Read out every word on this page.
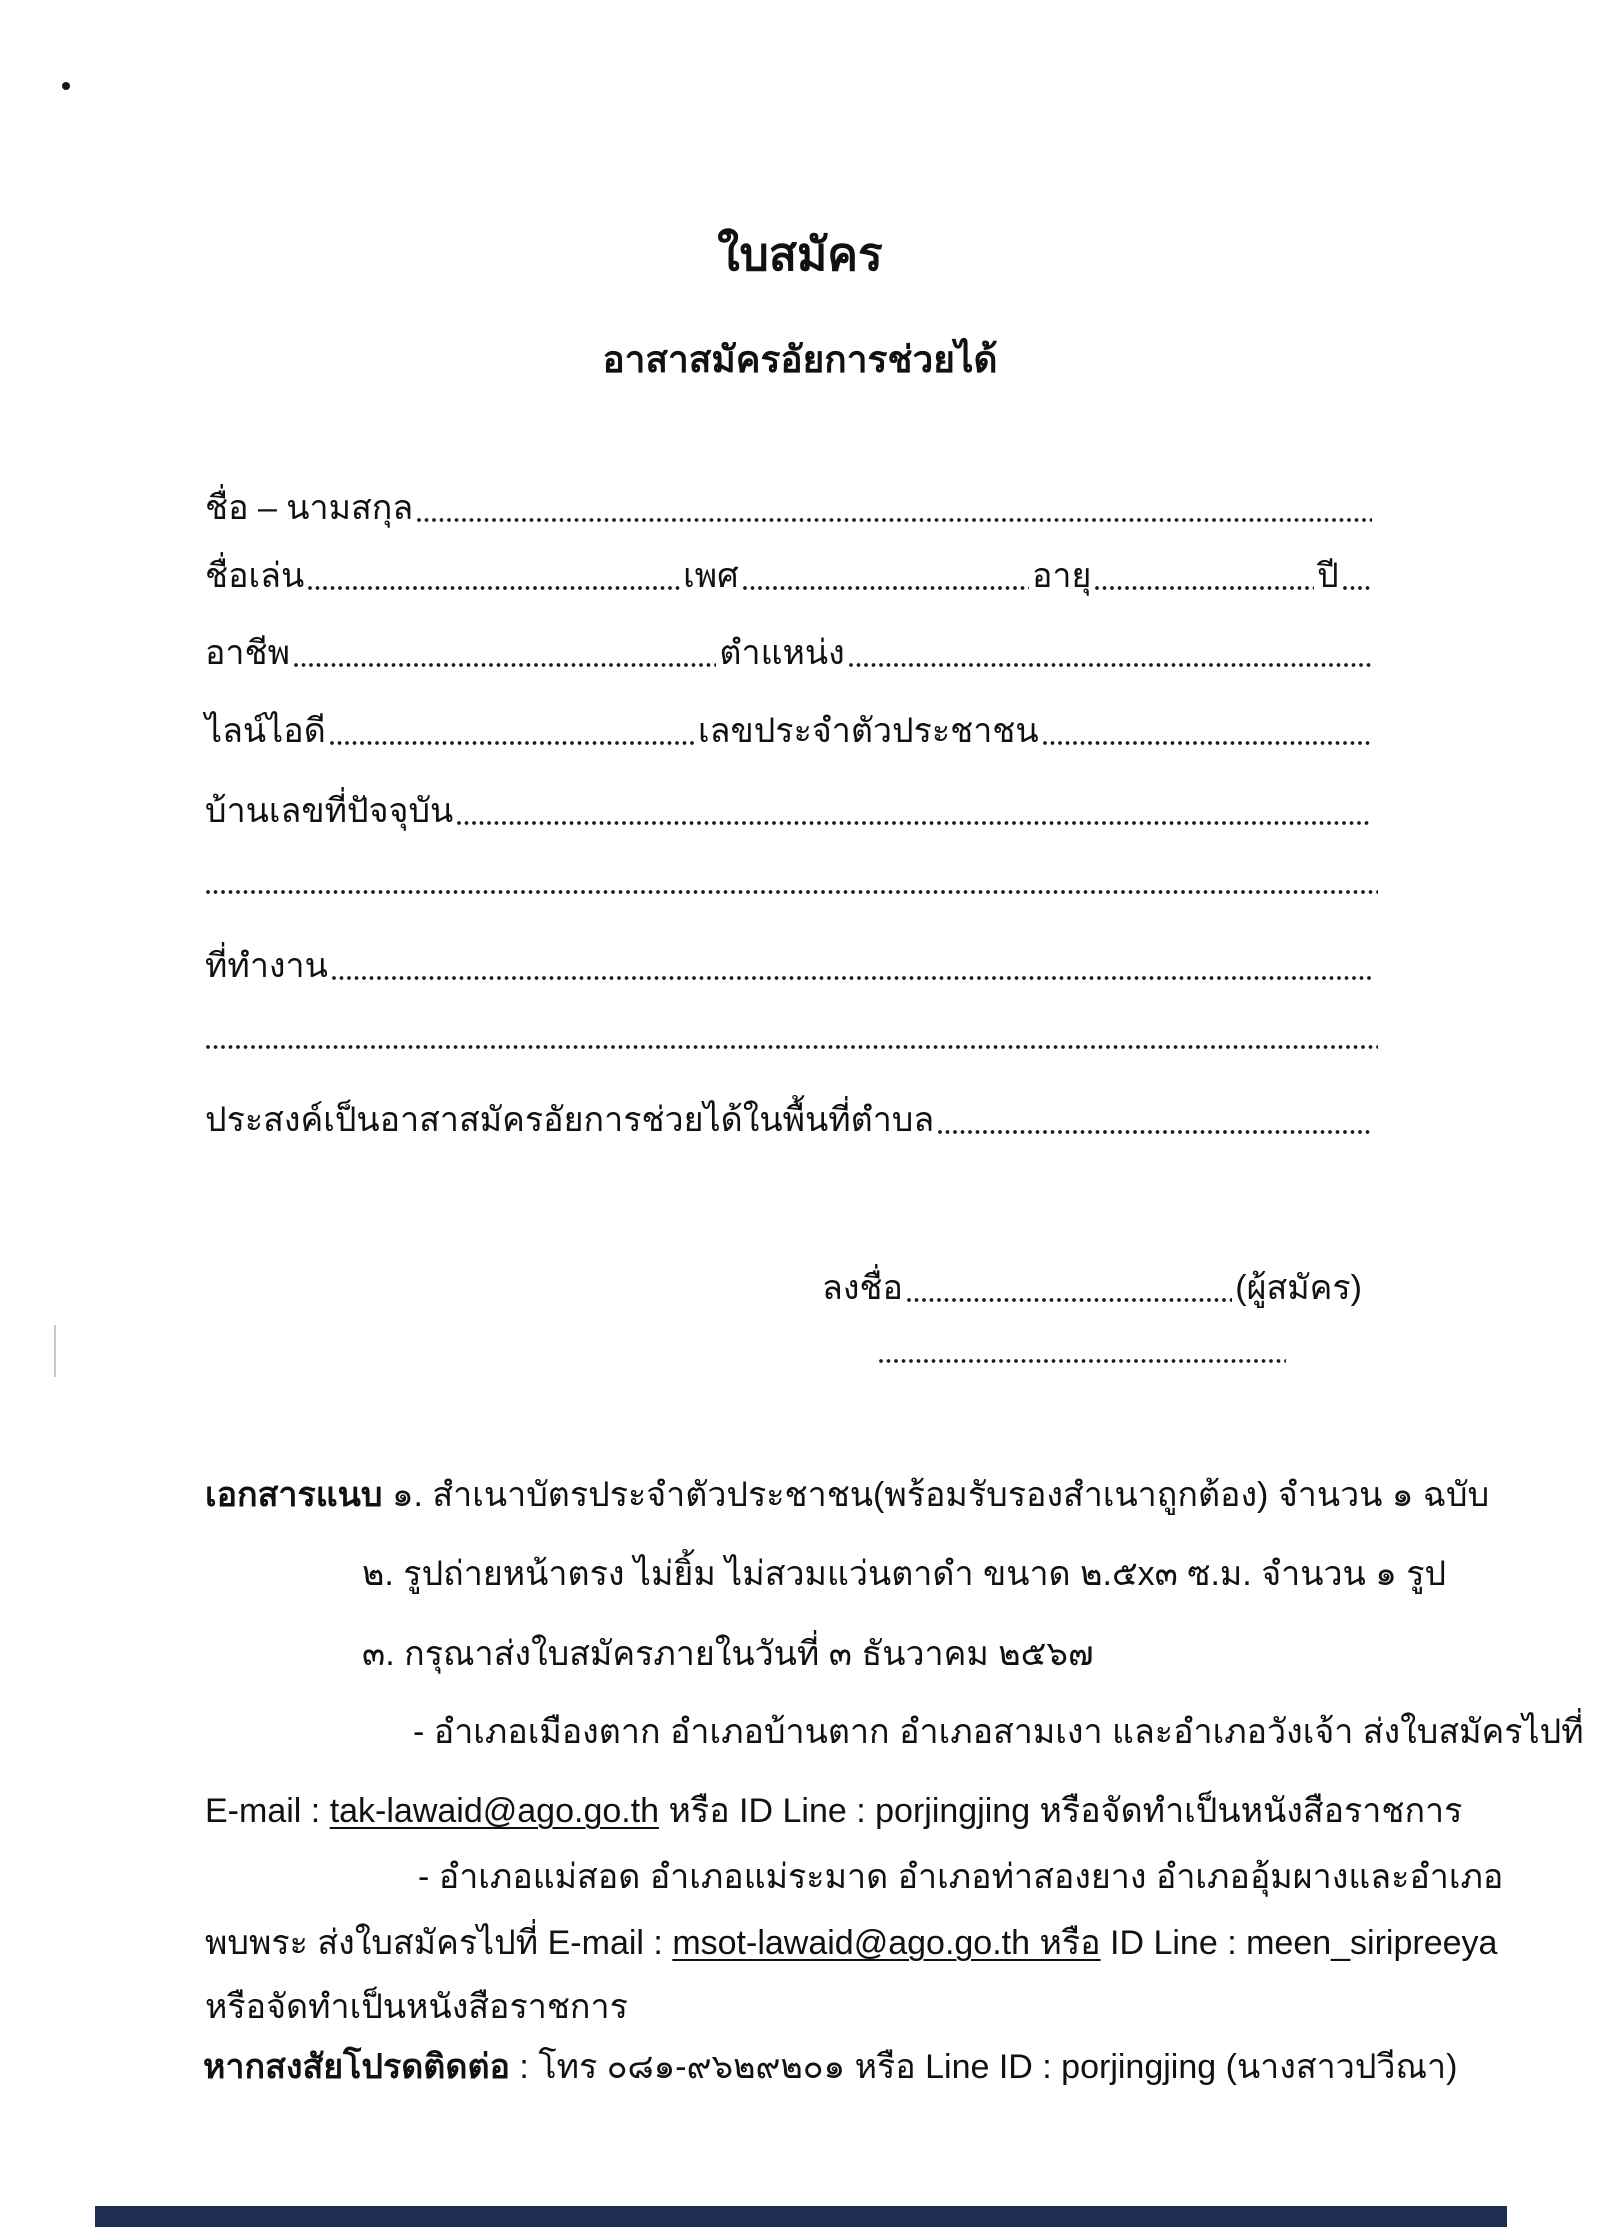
ใบสมัคร
อาสาสมัครอัยการช่วยได้
ชื่อ – นามสกุล
ชื่อเล่น	เพศ	อายุ	ปี
อาชีพ	ตำแหน่ง
ไลน์ไอดี	เลขประจำตัวประชาชน
บ้านเลขที่ปัจจุบัน
ที่ทำงาน
ประสงค์เป็นอาสาสมัครอัยการช่วยได้ในพื้นที่ตำบล
ลงชื่อ	(ผู้สมัคร)
เอกสารแนบ ๑. สำเนาบัตรประจำตัวประชาชน(พร้อมรับรองสำเนาถูกต้อง) จำนวน ๑ ฉบับ
๒. รูปถ่ายหน้าตรง ไม่ยิ้ม ไม่สวมแว่นตาดำ ขนาด ๒.๕x๓ ซ.ม. จำนวน ๑ รูป
๓. กรุณาส่งใบสมัครภายในวันที่ ๓ ธันวาคม ๒๕๖๗
- อำเภอเมืองตาก อำเภอบ้านตาก อำเภอสามเงา และอำเภอวังเจ้า ส่งใบสมัครไปที่
E-mail : tak-lawaid@ago.go.th หรือ ID Line : porjingjing หรือจัดทำเป็นหนังสือราชการ
- อำเภอแม่สอด อำเภอแม่ระมาด อำเภอท่าสองยาง อำเภออุ้มผางและอำเภอ
พบพระ ส่งใบสมัครไปที่ E-mail : msot-lawaid@ago.go.th หรือ ID Line : meen_siripreeya
หรือจัดทำเป็นหนังสือราชการ
หากสงสัยโปรดติดต่อ : โทร ๐๘๑-๙๖๒๙๒๐๑ หรือ Line ID : porjingjing (นางสาวปวีณา)
